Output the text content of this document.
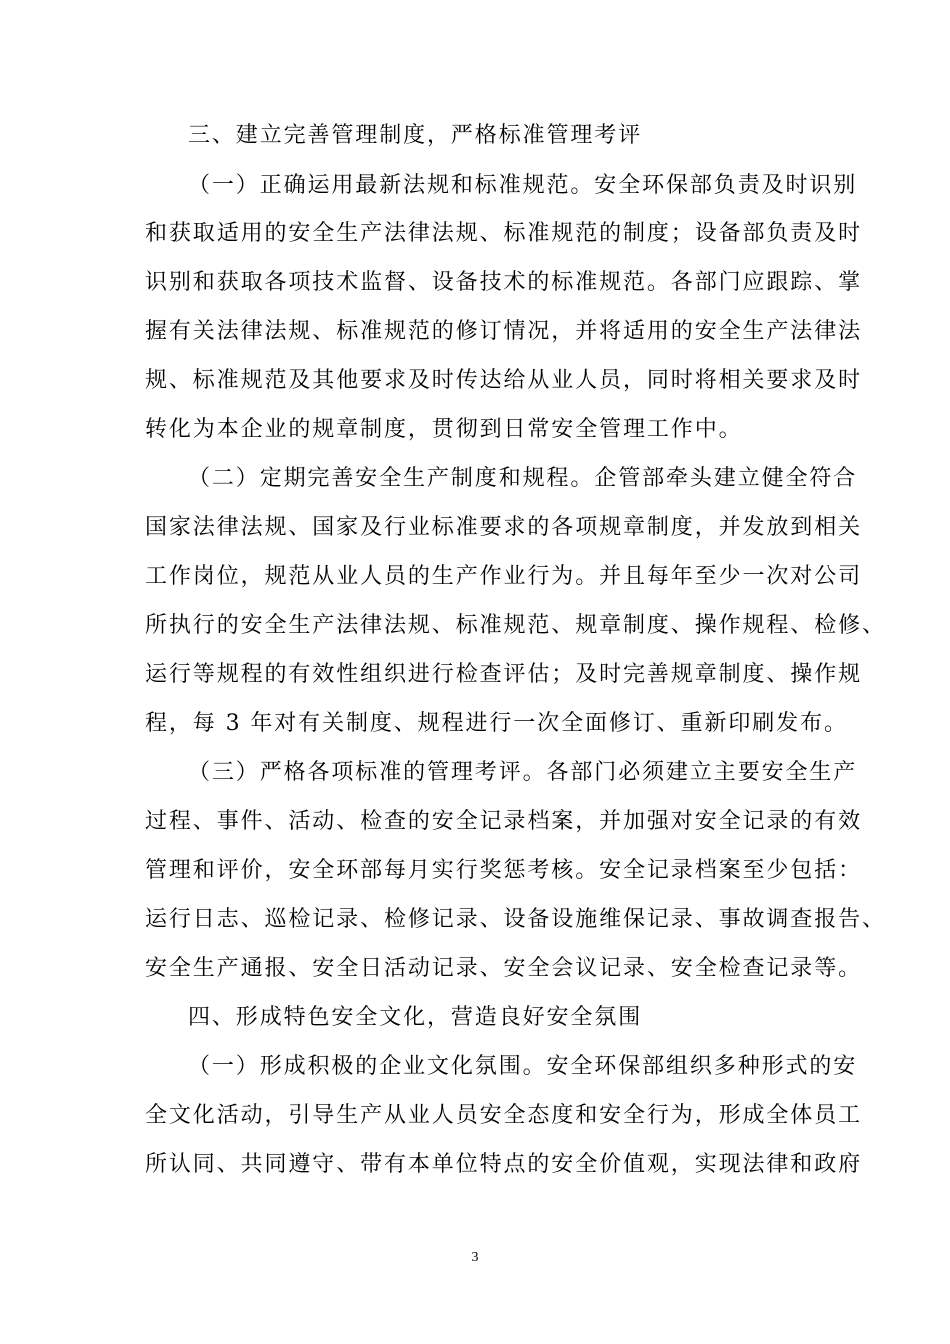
三、建立完善管理制度，严格标准管理考评
（一）正确运用最新法规和标准规范。安全环保部负责及时识别
和获取适用的安全生产法律法规、标准规范的制度；设备部负责及时
识别和获取各项技术监督、设备技术的标准规范。各部门应跟踪、掌
握有关法律法规、标准规范的修订情况，并将适用的安全生产法律法
规、标准规范及其他要求及时传达给从业人员，同时将相关要求及时
转化为本企业的规章制度，贯彻到日常安全管理工作中。
（二）定期完善安全生产制度和规程。企管部牵头建立健全符合
国家法律法规、国家及行业标准要求的各项规章制度，并发放到相关
工作岗位，规范从业人员的生产作业行为。并且每年至少一次对公司
所执行的安全生产法律法规、标准规范、规章制度、操作规程、检修、
运行等规程的有效性组织进行检查评估；及时完善规章制度、操作规
程，每 3 年对有关制度、规程进行一次全面修订、重新印刷发布。
（三）严格各项标准的管理考评。各部门必须建立主要安全生产
过程、事件、活动、检查的安全记录档案，并加强对安全记录的有效
管理和评价，安全环部每月实行奖惩考核。安全记录档案至少包括：
运行日志、巡检记录、检修记录、设备设施维保记录、事故调查报告、
安全生产通报、安全日活动记录、安全会议记录、安全检查记录等。
四、形成特色安全文化，营造良好安全氛围
（一）形成积极的企业文化氛围。安全环保部组织多种形式的安
全文化活动，引导生产从业人员安全态度和安全行为，形成全体员工
所认同、共同遵守、带有本单位特点的安全价值观，实现法律和政府
3
